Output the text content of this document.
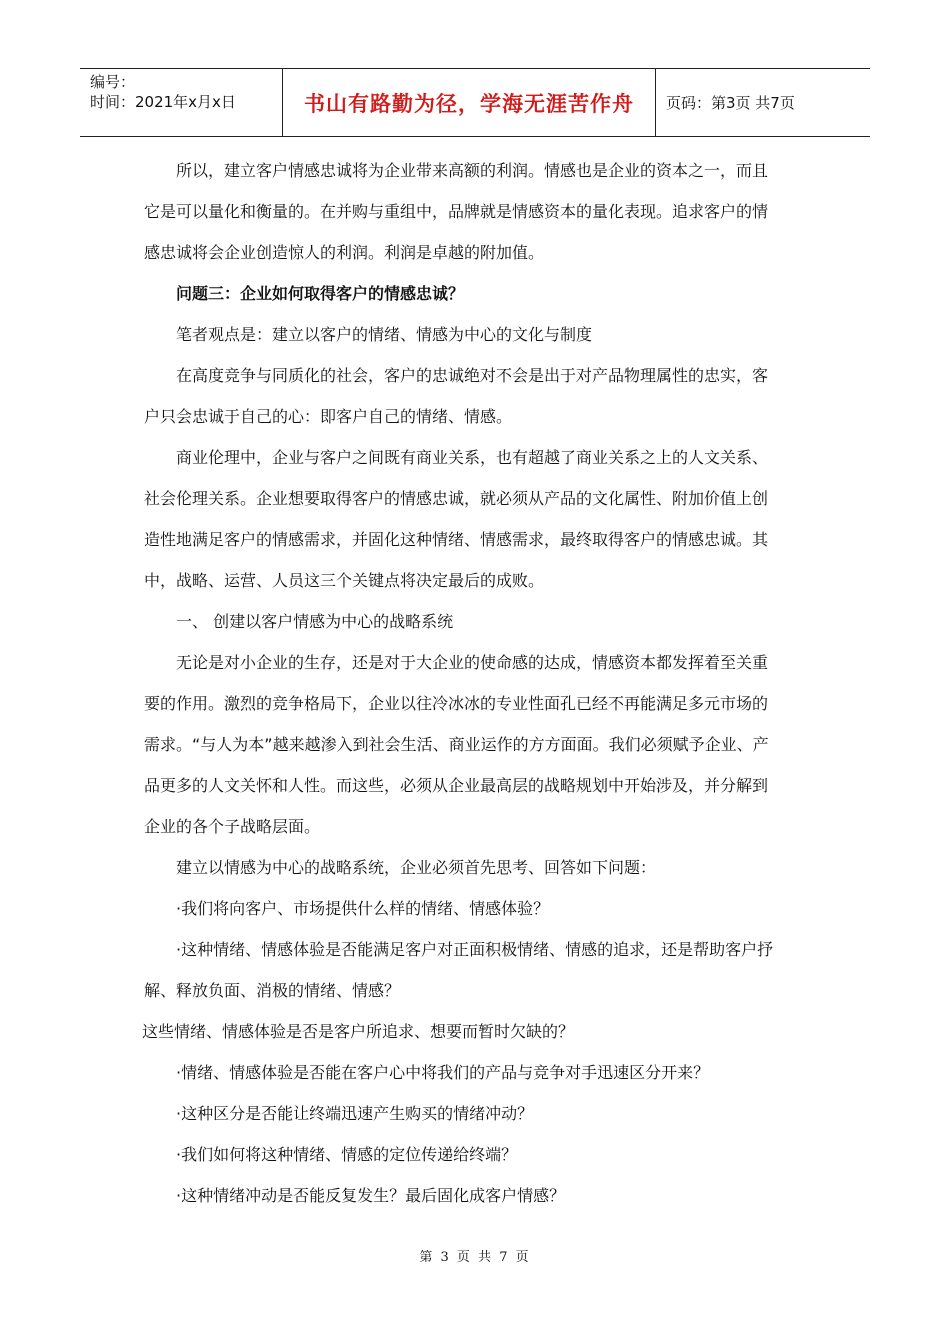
编号：
时间：2021年x月x日	书山有路勤为径，学海无涯苦作舟 页码：第3页 共7页

所以，建立客户情感忠诚将为企业带来高额的利润。情感也是企业的资本之一，而且

它是可以量化和衡量的。在并购与重组中，品牌就是情感资本的量化表现。追求客户的情

感忠诚将会企业创造惊人的利润。利润是卓越的附加值。

问题三：企业如何取得客户的情感忠诚？

笔者观点是：建立以客户的情绪、情感为中心的文化与制度

在高度竞争与同质化的社会，客户的忠诚绝对不会是出于对产品物理属性的忠实，客

户只会忠诚于自己的心：即客户自己的情绪、情感。

商业伦理中，企业与客户之间既有商业关系，也有超越了商业关系之上的人文关系、

社会伦理关系。企业想要取得客户的情感忠诚，就必须从产品的文化属性、附加价值上创

造性地满足客户的情感需求，并固化这种情绪、情感需求，最终取得客户的情感忠诚。其

中，战略、运营、人员这三个关键点将决定最后的成败。

一、 创建以客户情感为中心的战略系统

无论是对小企业的生存，还是对于大企业的使命感的达成，情感资本都发挥着至关重

要的作用。激烈的竞争格局下，企业以往冷冰冰的专业性面孔已经不再能满足多元市场的

需求。“与人为本”越来越渗入到社会生活、商业运作的方方面面。我们必须赋予企业、产

品更多的人文关怀和人性。而这些，必须从企业最高层的战略规划中开始涉及，并分解到

企业的各个子战略层面。

建立以情感为中心的战略系统，企业必须首先思考、回答如下问题：

·我们将向客户、市场提供什么样的情绪、情感体验？

·这种情绪、情感体验是否能满足客户对正面积极情绪、情感的追求，还是帮助客户抒

解、释放负面、消极的情绪、情感？

这些情绪、情感体验是否是客户所追求、想要而暂时欠缺的？

·情绪、情感体验是否能在客户心中将我们的产品与竞争对手迅速区分开来？

·这种区分是否能让终端迅速产生购买的情绪冲动？

·我们如何将这种情绪、情感的定位传递给终端？

·这种情绪冲动是否能反复发生？最后固化成客户情感？

第 3 页 共 7 页
